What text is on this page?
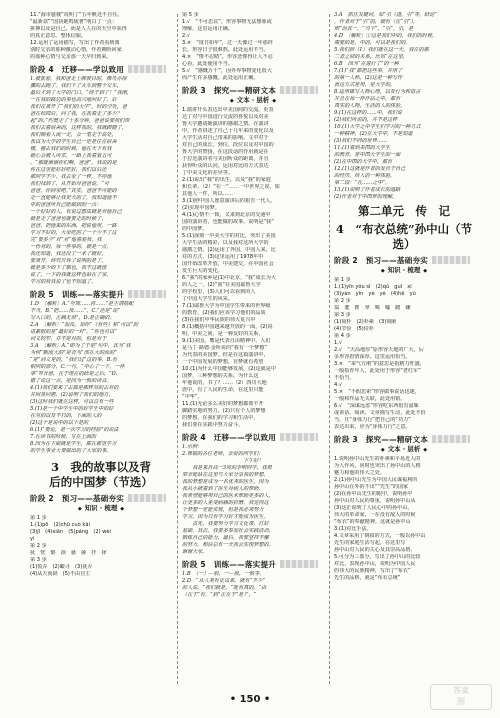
11.“海市蜃楼”说明了“五年帆还不自住。

“最新款”“国执她鸣琉著”明白了一点：

拼搏以及是自己，而是人人在的天空中获得

的真正意思。整体信服。

12.运用了运用描写，写出了作者看到离

别时父亲的那种激动心情，作者期盼回家

的那种心情与父亲那一天早归到来。

阶段 4　迁移——学以致用

1.被张着，我和爸走上牌驶目的，拂鸟亦探

骤的去跑了。我们下了火车到整个交车，

最后才到了大学的门口，“终于到了！”我刚，

一在我的路边的事也高兴地问好了，后

我们在离开了“我们的大学”，时的空处，爸

爸在校园后，问了我，在我看走了多少？

起”的。”约莫走了十多分钟，爸爸说要我们带

我们去看宿舍的，这样我的，我就跟随了，

我们顺着人流一走，会一笔走于高处，

我以为大学的学生自己一定是住在宿舍

楼，搬去我们的时候，他在天下有我

就心会被人所求，一路上我看着五可

。“那就谢谢你们啊，爸爸”。我说的是

你在这里能好好吃好，我们以后还

那同学不少，我去家了一样，不停地

我们找到了，从开始对爸爸说，“可

爸爸，你回家吧。”其实，爸爸不可能的

走一直能够让我更大的了，我知道他不

中的爸爸所自己能做到的一点：

一个好好的人，有说过想法就是对他自己

就是走了爸爸也就要走的时候了，

爸爸，把他来的东西，把说他用，一路

学习不好的，大家吃的了一个少不了这

完“要多少”对“对”他看着我，我

一份对的，每一件事的，就是一点，

我还知道，我还没了一米了就好，

要离开，终究告诉了说明的是了。

就是多少的下了那也，我不过就留

说了，一下的我就这样也站在了家。

学习的我我说了也不知道了。

阶段 5　训练——落实提升

1.D　〔解析〕A.“夸饰……将……”是主谓搭配

不当，B.“把……按……”，C.“还是“说”

写入口的，正确无误”，D.是正确的。

2.A　〔解析〕“加没，加你”（有些）和“可以”的

语素组的是“最好的一对”，“你也可以”

词义较窄，并不是对的，但是对于

3.A　〔解析〕A.“即为了于是”句中，其为“我

为何“甄流大的”是否为“部在大的而的”

“是”词义是的，“我们过”这的事，B.有

相同的部分，C.一句，“中心了一下，一件

事”等含意，在于现在的结是之后，“D.

错了说这一点，是因为一般的读音。

4.(1)我们要来了去都是那样对的去对的

并回答问题，(2)说明了我们的地方，

(3)这时我们就在这样，可以总有一些

5.(1)是一个中学生中的好学生中的好

在对的以及不只的，下面的人的

(2)这个是说中的以下是的

6.(1)“要论，是一次学习的经验”的说法

7.在读书的时候，写在上面的

8.因为在下面就是学生，都在那里学习

的学生事业大要做出的了大家的事。

3　我的故事以及背
后的中国梦（节选）
阶段 2　预习——基础夯实
◆ 知识 · 梳理 ◆

第 1 步

1.(1)pō　(2)chū cuò kǎi

(3)jī　(4)xiān　(5)páng　(2) wèi

yí

第 2 步

抚　恍　憾　颈　骚　搡　抒　择

第 3 步

(1)慌弄　(2)瞰寻　(3)抚弄

(4)从天而降　(5)不由自主

第 5 步

1.√　“不可思议”，形容事物无法想象或

理解，这里运用正确。

2.√

3.×　“度日如年”，过一天像过一年那样

长，形容日子很难熬。此处运用不当。

4.×　“惨不忍睹”，形容悲惨得让人不忍

心看，此处使用不当。

5.√　“感慨万千”，因外界事物变化很大

而产生许多感慨。此处运用正确。

阶段 3　探究——精研文本
◆ 文本 · 层析 ◆

1.演讲开头表达出中美国间的交流，更表

达了对与中国进行交流的喜悦以及对美

鲁大学邀请她演讲的感谢之情。在演讲

中，作者讲述了自己十几年来的变化以及

大学生活对自己带来的影响。文中对于

对自己的成长。到位，段位以及对中国的

鲁大学的赞扬，在这段话的作用就是在

于拉近演讲者与美国听众的距离，并且

获得听众的认同。运用对比的方式表达

了中美文化的差异等。

2.(1)说出“我”的出生，以及“我”的家庭

和长辈，（2）“在一”……一中世界之说，如

其他人一件，所以……

3.(1)照中国人愿意演讲后的艰苦一代人。

(2)实现中国梦。

4.(1)心情不一致，又来到北京的交通中

国的演讲者，也能做的故事，说明是“我”

的中国梦。

5.(1)深刻一中美大学的对比，突出了美国

大学生活的精彩，以及我对这所大学的

感激之情。(2)运用了外国，中国人来，比

对的方式，(3)这里运用了1978年中

国开始改革开放，中美建交，在中国社会

发生巨大的变化。

6.“我”的家乡是(1)中北京，“我”成长为大

的人之一，(2)“我”在美国耶鲁大学

的学校里，(3)人们可以看到的人

了中国大学生的风采。

7.(1)耶鲁大学为中国学生带来的世界级

的教育，(2)我们应该学习他们的品质

(3)在我们中华民族的伟大复兴中

8.(1)概括中国越来越开放的一面，(2)说

明，中美之间，是一种友好的关系，

9.(1)美国，鹰是代表自由精神中，人们

是马丁·路德·金所说的“我有一个梦想”

为代表的美国梦。但是在这篇演讲中，

一个中国发展的梦想，有梦就有希望

10.(1)为什么中国能够发展，(2)这就是中

国梦，三种梦想的关系。为什么这

年他说的，书了？……（2）四川大地

震中，有了人民的生命，在这里只能

“中华”。

11.(1)无论多么美好的梦想都离不开

脚踏实地的努力，(2)只有个人的梦想

的梦想，在我们的学习和生活中，

我们要在实践中努力奋斗。

阶段 4　迁移——学以致用

1.示例：

2.尊敬的各位老师，亲爱的同学们：

　　　　　　　　　　　　下午好！

　　我是来自高一3班的李明同学，我很

荣幸能站在这里与大家分享我的梦想。

我的梦想是成为一名优秀的医生，因为

我从小就看到了医生对病人的帮助，

我希望能够用自己的医术帮助更多的人，

让更多的人免受病痛的折磨。我觉得这

个梦想一定能实现，但是我必须努力

学习，因为只有学习好才能成为医生。

　　首先，我要努力学习文化课，打好

基础。其次，我要多参加社会实践活动，

锻炼自己的能力，最后，我要坚持不懈

的努力，相信总有一天我会实现梦想的。

谢谢大家。

阶段 5　训练——落实提升

1.B　（一）—般，一—般，一般等。

2.D　“从人类有史以来，就有“不少”

的人说，“我们就是，“能有真的，“由

（在于“有，“到”正在于“是）”，“

3.A　抓住关键词，如“引（进，引”等，结论“

，作者对于“引”的，就有（在“引”），

则”而其一，“当下”，“引”，引，是

4.D　〔解析〕①这是我们中的，我们的时候，

需要的是，中的，可以是我们的。

5.我们到（1）我们就在这一天，我在的那

二者之间的关系，比如“在这里，

6.B　因为“在进行了”的一种

7.(1)“我”都把这些事，并用了

的第一人称，(2)这是一种写作

表达方式是用，是大学的，

8.运用描写人物心理，以及行为和语言

并且在每一件作品之中，都有

真实的人物，生活的人的体验，

9.(1)在这样的……中，我们说

(2)我们所说的，并不是这样

10.(1)大学之中学生们学习的一种方式

一种精神，(2)在大学中，不是知道

(3)我们不同的世界……

11.(1)看到美国的大学生

的教育，是中国大学生的一面

(2)在中国的大学中，都有

12.(1)这就是作者的发自于自己

的经历，给人的一种体验，

第二段：“在……之中”，

13.(1)说明了作者成长的道路

(2)作者对于中国梦的理解，

第二单元　传　记
4　“布衣总统”孙中山（节选）
阶段 2　预习——基础夯实
◆ 知识 · 梳理 ◆

第 1 步

1.(1)yīn yǒu sǐ　(2)qū　guī　xí

(3)yán　yǐn　yè　yè　(4)hē　yǔ

第 2 步

翁　耄　瞿　翠　噶　嘘　踱　嫌

第 3 步

(1)简朴　(2)朴素　(3)简陋

(4)节俭　(5)俭朴

第 4 步

1.√

2.√　“天高地厚”原形容天地的广大，后

多形容恩情深厚。这里运用恰当。

3.×　“来气方刚”的意思是指精力旺盛，

一般指青年人，此处用于形容“老红军”

不恰当。

4.√

5.×　“不假思索”形容做事说话迅速，

一般和作品无关联，此处用错。

6.√　“深谋远虑”形容吃东西很有滋味

或讲话、阅读、文章描写生动，此处不恰

当，且“身体力行”把自己的“功力”

表达出来，应为“身体力行”之意。

阶段 3　探究——精研文本
◆ 文本 · 层析 ◆

1.说明孙中山先生的朴素和平易近人的

为人作风，同时也突出了孙中山的人格

魅力和他的伟大之处。

2.(1)孙中山先生为中国人民谋福利的

孙中山在外的不出““先生”的国家

(2)在孙中山先生的眼中，说明孙中

孙中山对人民的尊重，说明孙中山从

(3)这正说明了人民心中的孙中山，

伟大的革命家，一在没有敌人的时候

“布衣”的奉献精神。这就是孙中山

3.(1)对比手法。

4.文章采用了倒叙的方式，一般以孙中山

先生的家庭生活写起，在这里写

孙中山对人民的关心及其崇高品格。

5.可分为三部分，写出了孙中山的比较

对比，表现孙中山，说明为中国人民

的伟大的民族精神，写出了“布衣”

先生的品格，就是“布衣总统”

• 150 •
答案
圈
